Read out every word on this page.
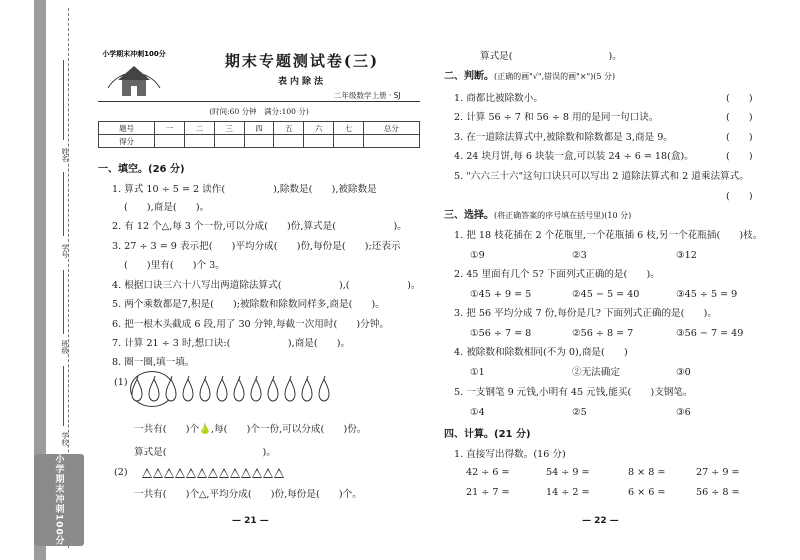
姓名
学号
班级
学校
小学期末冲刺100分
小学期末冲刺100分	期末专题测试卷(三)
表内除法
二年级数学上册 · SJ
(时间:60 分钟　满分:100 分)
题号	一	二	三	四	五	六	七	总分
得分								
一、填空。(26 分)
1. 算式 10 ÷ 5 = 2 读作(　　　　　),除数是(　　),被除数是
(　　),商是(　　)。
2. 有 12 个△,每 3 个一份,可以分成(　　)份,算式是(　　　　　　)。
3. 27 ÷ 3 = 9 表示把(　　)平均分成(　　)份,每份是(　　);还表示
(　　)里有(　　)个 3。
4. 根据口诀三六十八写出两道除法算式(　　　　　　),(　　　　　　)。
5. 两个乘数都是7,积是(　　);被除数和除数同样多,商是(　　)。
6. 把一根木头截成 6 段,用了 30 分钟,每截一次用时(　　)分钟。
7. 计算 21 ÷ 3 时,想口诀:(　　　　　　),商是(　　)。
8. 圈一圈,填一填。
(1)
一共有(　　)个🍐,每(　　)个一份,可以分成(　　)份。
算式是(　　　　　　　　　　)。
(2)
一共有(　　)个△,平均分成(　　)份,每份是(　　)个。
— 21 —
算式是(　　　　　　　　　　)。
二、判断。(正确的画"√",错误的画"×")(5 分)
1. 商都比被除数小。	(　　)
2. 计算 56 ÷ 7 和 56 ÷ 8 用的是同一句口诀。	(　　)
3. 在一道除法算式中,被除数和除数都是 3,商是 9。	(　　)
4. 24 块月饼,每 6 块装一盒,可以装 24 ÷ 6 = 18(盒)。	(　　)
5. "六六三十六"这句口诀只可以写出 2 道除法算式和 2 道乘法算式。
(　　)
三、选择。(将正确答案的序号填在括号里)(10 分)
1. 把 18 枝花插在 2 个花瓶里,一个花瓶插 6 枝,另一个花瓶插(　　)枝。
①9	②3	③12
2. 45 里面有几个 5? 下面列式正确的是(　　)。
①45 + 9 = 5	②45 − 5 = 40	③45 ÷ 5 = 9
3. 把 56 平均分成 7 份,每份是几? 下面列式正确的是(　　)。
①56 ÷ 7 = 8	②56 ÷ 8 = 7	③56 − 7 = 49
4. 被除数和除数相同(不为 0),商是(　　)
①1	②无法确定	③0
5. 一支钢笔 9 元钱,小明有 45 元钱,能买(　　)支钢笔。
①4	②5	③6
四、计算。(21 分)
1. 直接写出得数。(16 分)
42 ÷ 6 =	54 ÷ 9 =	8 × 8 =	27 ÷ 9 =
21 ÷ 7 =	14 ÷ 2 =	6 × 6 =	56 ÷ 8 =
— 22 —
